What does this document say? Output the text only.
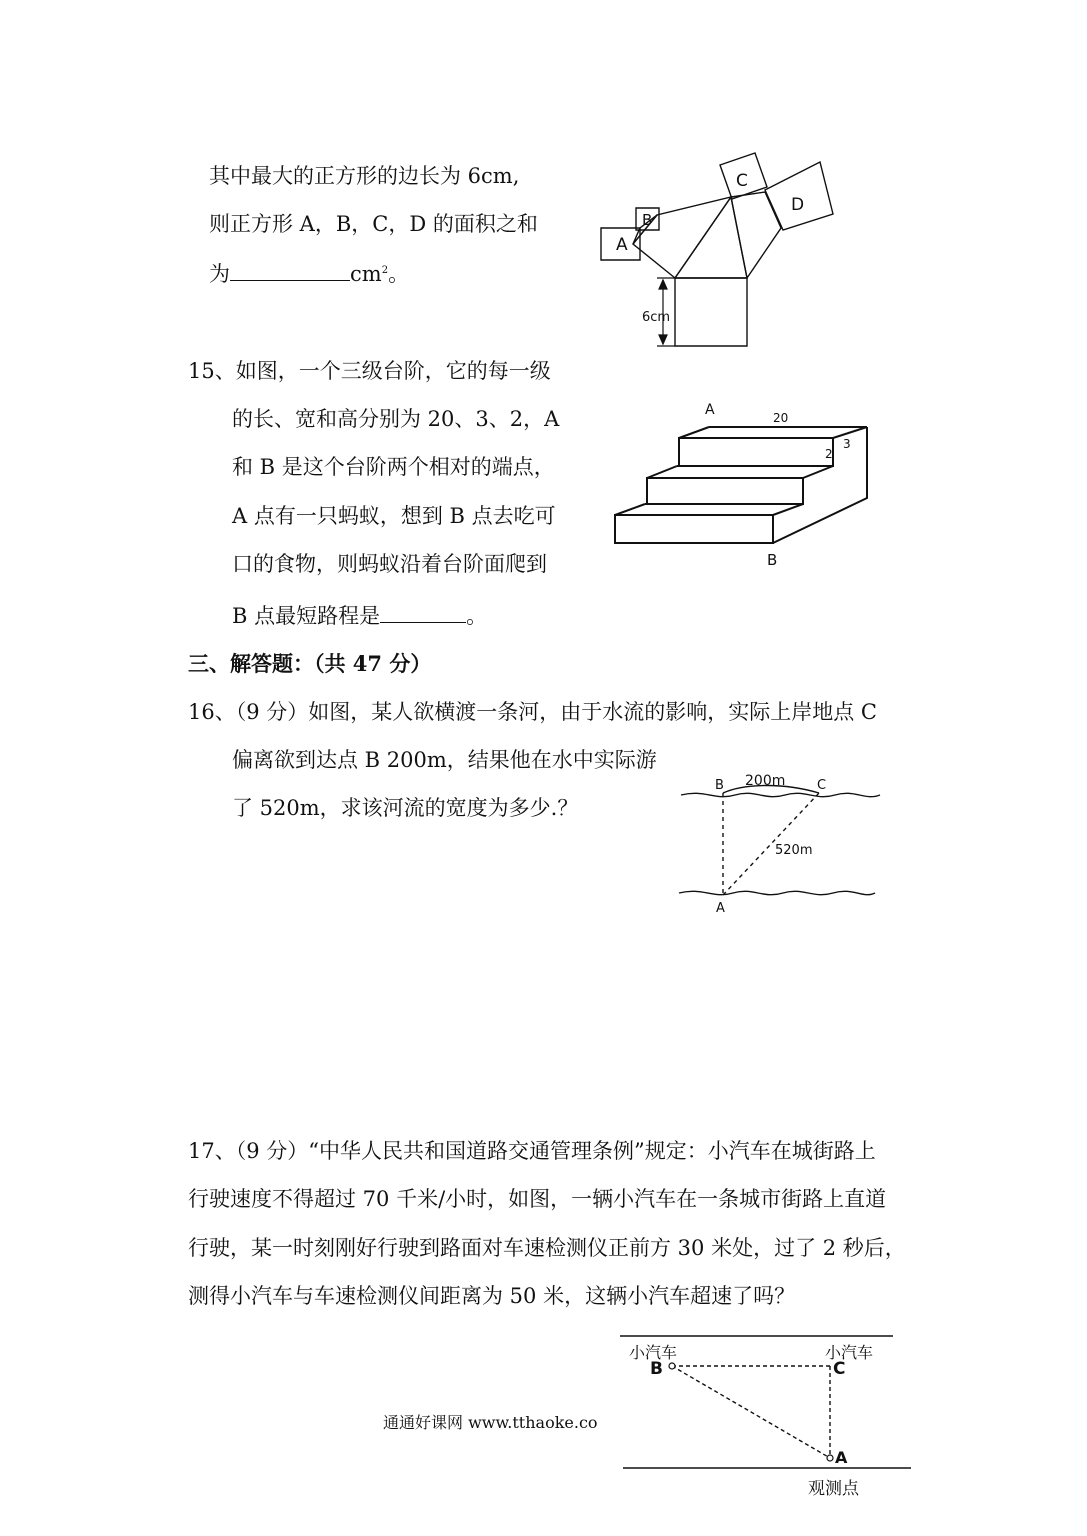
其中最大的正方形的边长为 6cm,
则正方形 A，B，C，D 的面积之和
为	$cm^2$。
A
B
C
D
6cm
15、如图，一个三级台阶，它的每一级
的长、宽和高分别为 20、3、2，A
和 B 是这个台阶两个相对的端点，
A 点有一只蚂蚁，想到 B 点去吃可
口的食物，则蚂蚁沿着台阶面爬到
B 点最短路程是	。
A	20
3
2
B
三、解答题：（共 47 分）
16、（9 分）如图，某人欲横渡一条河，由于水流的影响，实际上岸地点 C
偏离欲到达点 B 200m，结果他在水中实际游
了 520m，求该河流的宽度为多少.？
B	C
200m
520m
A
17、（9 分）“中华人民共和国道路交通管理条例”规定：小汽车在城街路上
行驶速度不得超过 70 千米/小时，如图，一辆小汽车在一条城市街路上直道
行驶，某一时刻刚好行驶到路面对车速检测仪正前方 30 米处，过了 2 秒后，
测得小汽车与车速检测仪间距离为 50 米，这辆小汽车超速了吗？
小汽车	小汽车
B	C
A
观测点
通通好课网 www.tthaoke.co
